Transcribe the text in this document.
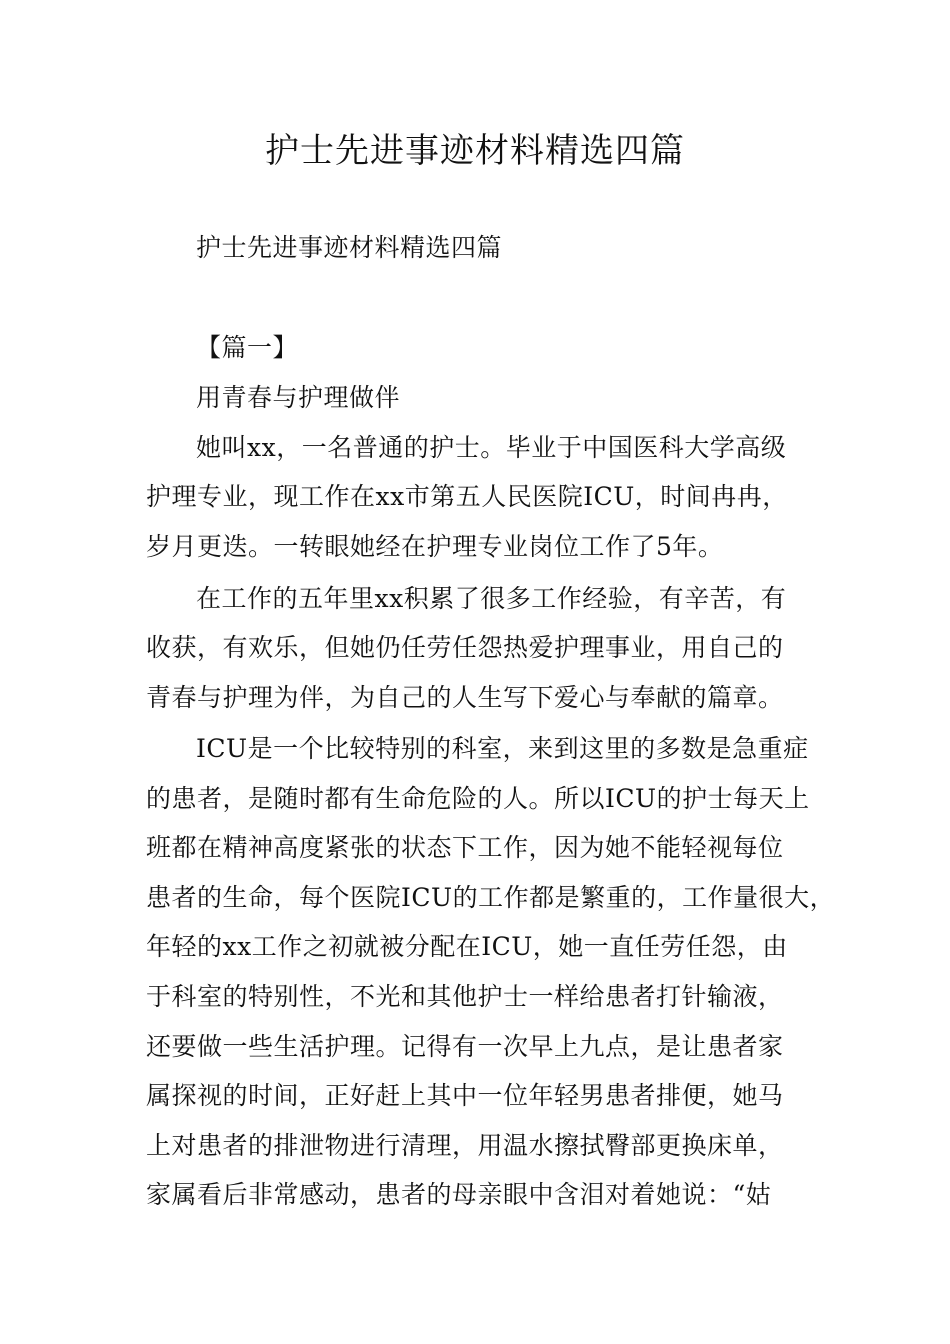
护士先进事迹材料精选四篇
护士先进事迹材料精选四篇
【篇一】
用青春与护理做伴
她叫xx，一名普通的护士。毕业于中国医科大学高级
护理专业，现工作在xx市第五人民医院ICU，时间冉冉，
岁月更迭。一转眼她经在护理专业岗位工作了5年。
在工作的五年里xx积累了很多工作经验，有辛苦，有
收获，有欢乐，但她仍任劳任怨热爱护理事业，用自己的
青春与护理为伴，为自己的人生写下爱心与奉献的篇章。
ICU是一个比较特别的科室，来到这里的多数是急重症
的患者，是随时都有生命危险的人。所以ICU的护士每天上
班都在精神高度紧张的状态下工作，因为她不能轻视每位
患者的生命，每个医院ICU的工作都是繁重的，工作量很大，
年轻的xx工作之初就被分配在ICU，她一直任劳任怨，由
于科室的特别性，不光和其他护士一样给患者打针输液，
还要做一些生活护理。记得有一次早上九点，是让患者家
属探视的时间，正好赶上其中一位年轻男患者排便，她马
上对患者的排泄物进行清理，用温水擦拭臀部更换床单，
家属看后非常感动，患者的母亲眼中含泪对着她说：“姑
